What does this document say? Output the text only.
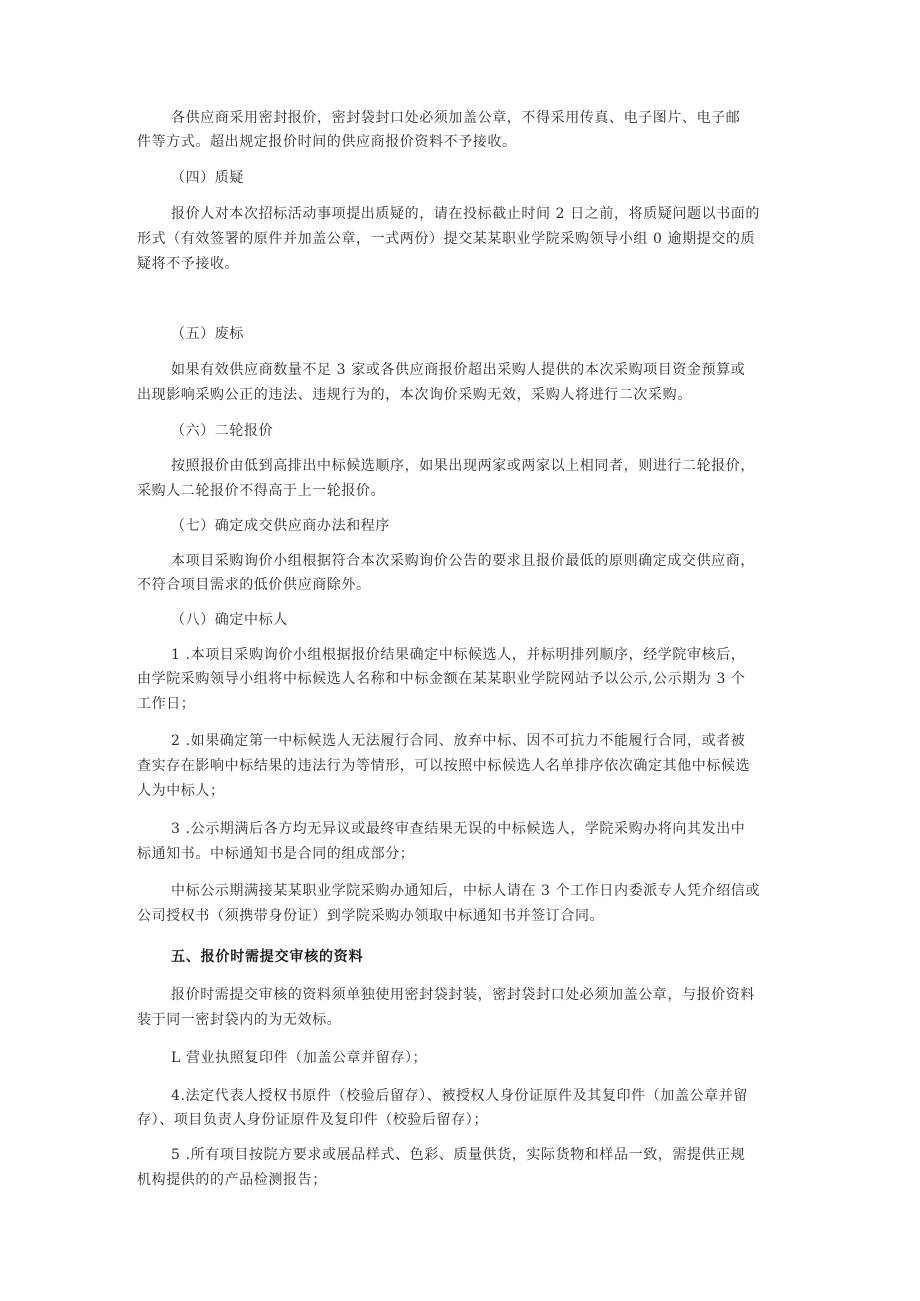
各供应商采用密封报价，密封袋封口处必须加盖公章，不得采用传真、电子图片、电子邮

件等方式。超出规定报价时间的供应商报价资料不予接收。

（四）质疑

报价人对本次招标活动事项提出质疑的，请在投标截止时间 2 日之前，将质疑问题以书面的

形式（有效签署的原件并加盖公章，一式两份）提交某某职业学院采购领导小组 0 逾期提交的质

疑将不予接收。

（五）废标

如果有效供应商数量不足 3 家或各供应商报价超出采购人提供的本次采购项目资金预算或

出现影响采购公正的违法、违规行为的，本次询价采购无效，采购人将进行二次采购。

（六）二轮报价

按照报价由低到高排出中标候选顺序，如果出现两家或两家以上相同者，则进行二轮报价，

采购人二轮报价不得高于上一轮报价。

（七）确定成交供应商办法和程序

本项目采购询价小组根据符合本次采购询价公告的要求且报价最低的原则确定成交供应商，

不符合项目需求的低价供应商除外。

（八）确定中标人

1 .本项目采购询价小组根据报价结果确定中标候选人，并标明排列顺序，经学院审核后，

由学院采购领导小组将中标候选人名称和中标金额在某某职业学院网站予以公示,公示期为 3 个

工作日；

2 .如果确定第一中标候选人无法履行合同、放弃中标、因不可抗力不能履行合同，或者被

查实存在影响中标结果的违法行为等情形，可以按照中标候选人名单排序依次确定其他中标候选

人为中标人；

3 .公示期满后各方均无异议或最终审查结果无误的中标候选人，学院采购办将向其发出中

标通知书。中标通知书是合同的组成部分；

中标公示期满接某某职业学院采购办通知后，中标人请在 3 个工作日内委派专人凭介绍信或

公司授权书（须携带身份证）到学院采购办领取中标通知书并签订合同。

五、报价时需提交审核的资料

报价时需提交审核的资料须单独使用密封袋封装，密封袋封口处必须加盖公章，与报价资料

装于同一密封袋内的为无效标。

L 营业执照复印件（加盖公章并留存）；

4.法定代表人授权书原件（校验后留存）、被授权人身份证原件及其复印件（加盖公章并留

存）、项目负责人身份证原件及复印件（校验后留存）；

5 .所有项目按院方要求或展品样式、色彩、质量供货，实际货物和样品一致，需提供正规

机构提供的的产品检测报告；
